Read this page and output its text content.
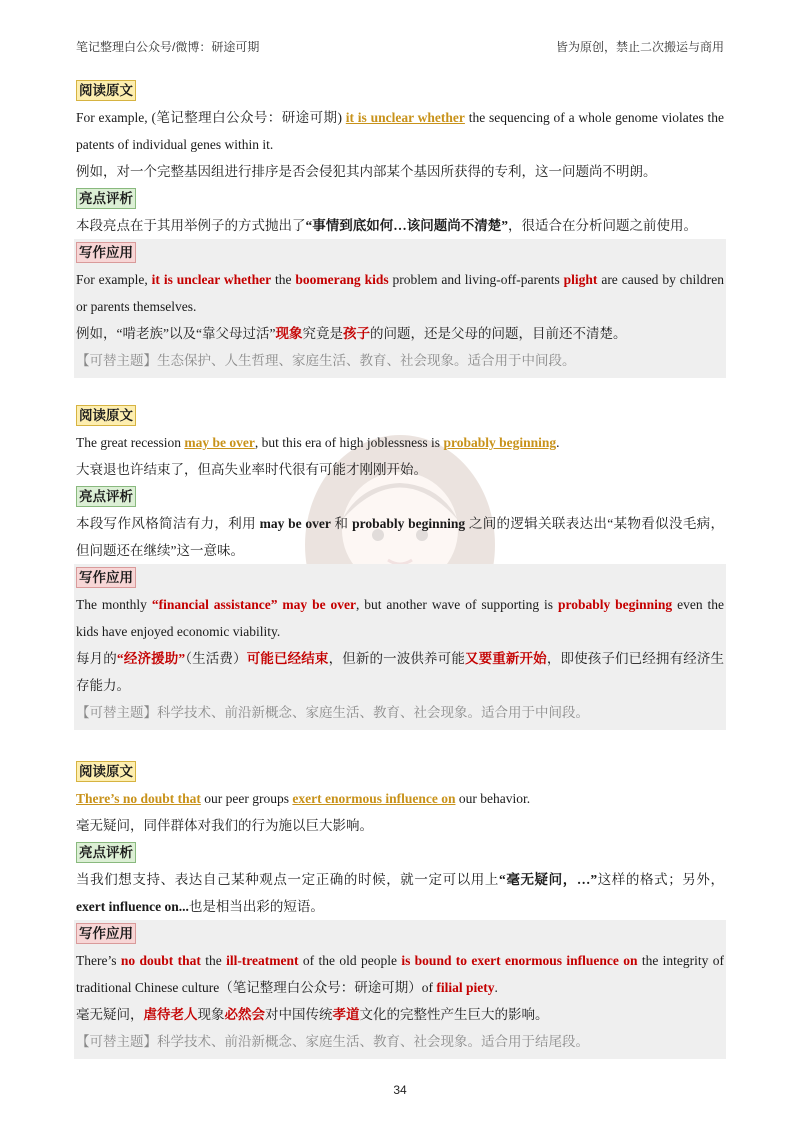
笔记整理白公众号/微博：研途可期	皆为原创，禁止二次搬运与商用
阅读原文

For example, (笔记整理白公众号：研途可期) it is unclear whether the sequencing of a whole genome violates the patents of individual genes within it.

例如，对一个完整基因组进行排序是否会侵犯其内部某个基因所获得的专利，这一问题尚不明朗。

亮点评析

本段亮点在于其用举例子的方式抛出了“事情到底如何…该问题尚不清楚”，很适合在分析问题之前使用。

写作应用

For example, it is unclear whether the boomerang kids problem and living-off-parents plight are caused by children or parents themselves.

例如，“啃老族”以及“靠父母过活”现象究竟是孩子的问题，还是父母的问题，目前还不清楚。

【可替主题】生态保护、人生哲理、家庭生活、教育、社会现象。适合用于中间段。

阅读原文

The great recession may be over, but this era of high joblessness is probably beginning.

大衰退也许结束了，但高失业率时代很有可能才刚刚开始。

亮点评析

本段写作风格简洁有力，利用 may be over 和 probably beginning 之间的逻辑关联表达出“某物看似没毛病，但问题还在继续”这一意味。

写作应用

The monthly “financial assistance” may be over, but another wave of supporting is probably beginning even the kids have enjoyed economic viability.

每月的“经济援助”（生活费）可能已经结束，但新的一波供养可能又要重新开始，即使孩子们已经拥有经济生存能力。

【可替主题】科学技术、前沿新概念、家庭生活、教育、社会现象。适合用于中间段。

阅读原文

There’s no doubt that our peer groups exert enormous influence on our behavior.

毫无疑问，同伴群体对我们的行为施以巨大影响。

亮点评析

当我们想支持、表达自己某种观点一定正确的时候，就一定可以用上“毫无疑问，…”这样的格式；另外，exert influence on...也是相当出彩的短语。

写作应用

There’s no doubt that the ill-treatment of the old people is bound to exert enormous influence on the integrity of traditional Chinese culture（笔记整理白公众号：研途可期）of filial piety.

毫无疑问，虐待老人现象必然会对中国传统孝道文化的完整性产生巨大的影响。

【可替主题】科学技术、前沿新概念、家庭生活、教育、社会现象。适合用于结尾段。

34
